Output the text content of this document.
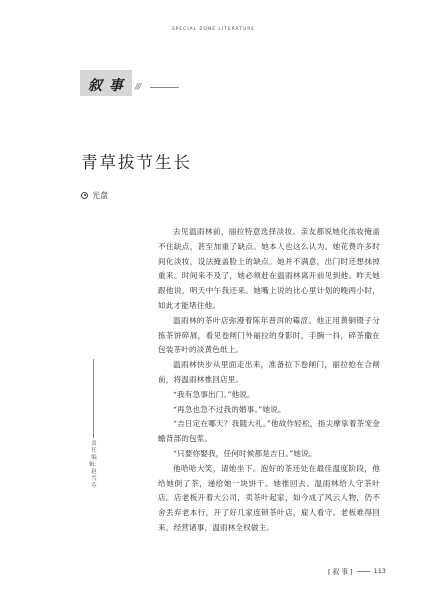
SPECIAL ZONE LITERATURE
叙 事 ///
青草拔节生长
光盘

去见温雨林前，丽拉特意选择淡妆。亲友都说她化浓妆掩盖不住缺点，甚至加重了缺点。她本人也这么认为。她花费许多时间化淡妆，设法掩盖脸上的缺点。她并不满意，出门时还想抹掉重来。时间来不及了，她必须赶在温雨林离开前见到他。昨天她跟他说，明天中午我还来。她嘴上说的比心里计划的晚两小时，如此才能堵住他。

温雨林的茶叶店弥漫着陈年普洱的霉涩。他正用黄铜镊子分拣茶饼碎屑，看见卷闸门外丽拉的身影时，手腕一抖，碎茶撒在包装茶叶的淡黄色纸上。

温雨林快步从里面走出来，准备拉下卷闸门，丽拉抢在合闸前，将温雨林推回店里。

“我有急事出门。”他说。

“再急也急不过我的婚事。”她说。

“吉日定在哪天？我随大礼。”他故作轻松，指尖摩挲着茶宠金蟾背部的包浆。

“只要你娶我，任何时候都是吉日。”她说。

他哈哈大笑，请她坐下。泡好的茶还处在最佳温度阶段，他给她倒了茶，递给她一块饼干。她推回去。温雨林给人守茶叶店。店老板开着大公司，卖茶叶起家，如今成了风云人物，仍不舍丢弃老本行，开了好几家连锁茶叶店，雇人看守。老板难得回来，经营诸事，温雨林全权做主。

责任编辑：赵雪芬
[ 叙 事 ]	113
